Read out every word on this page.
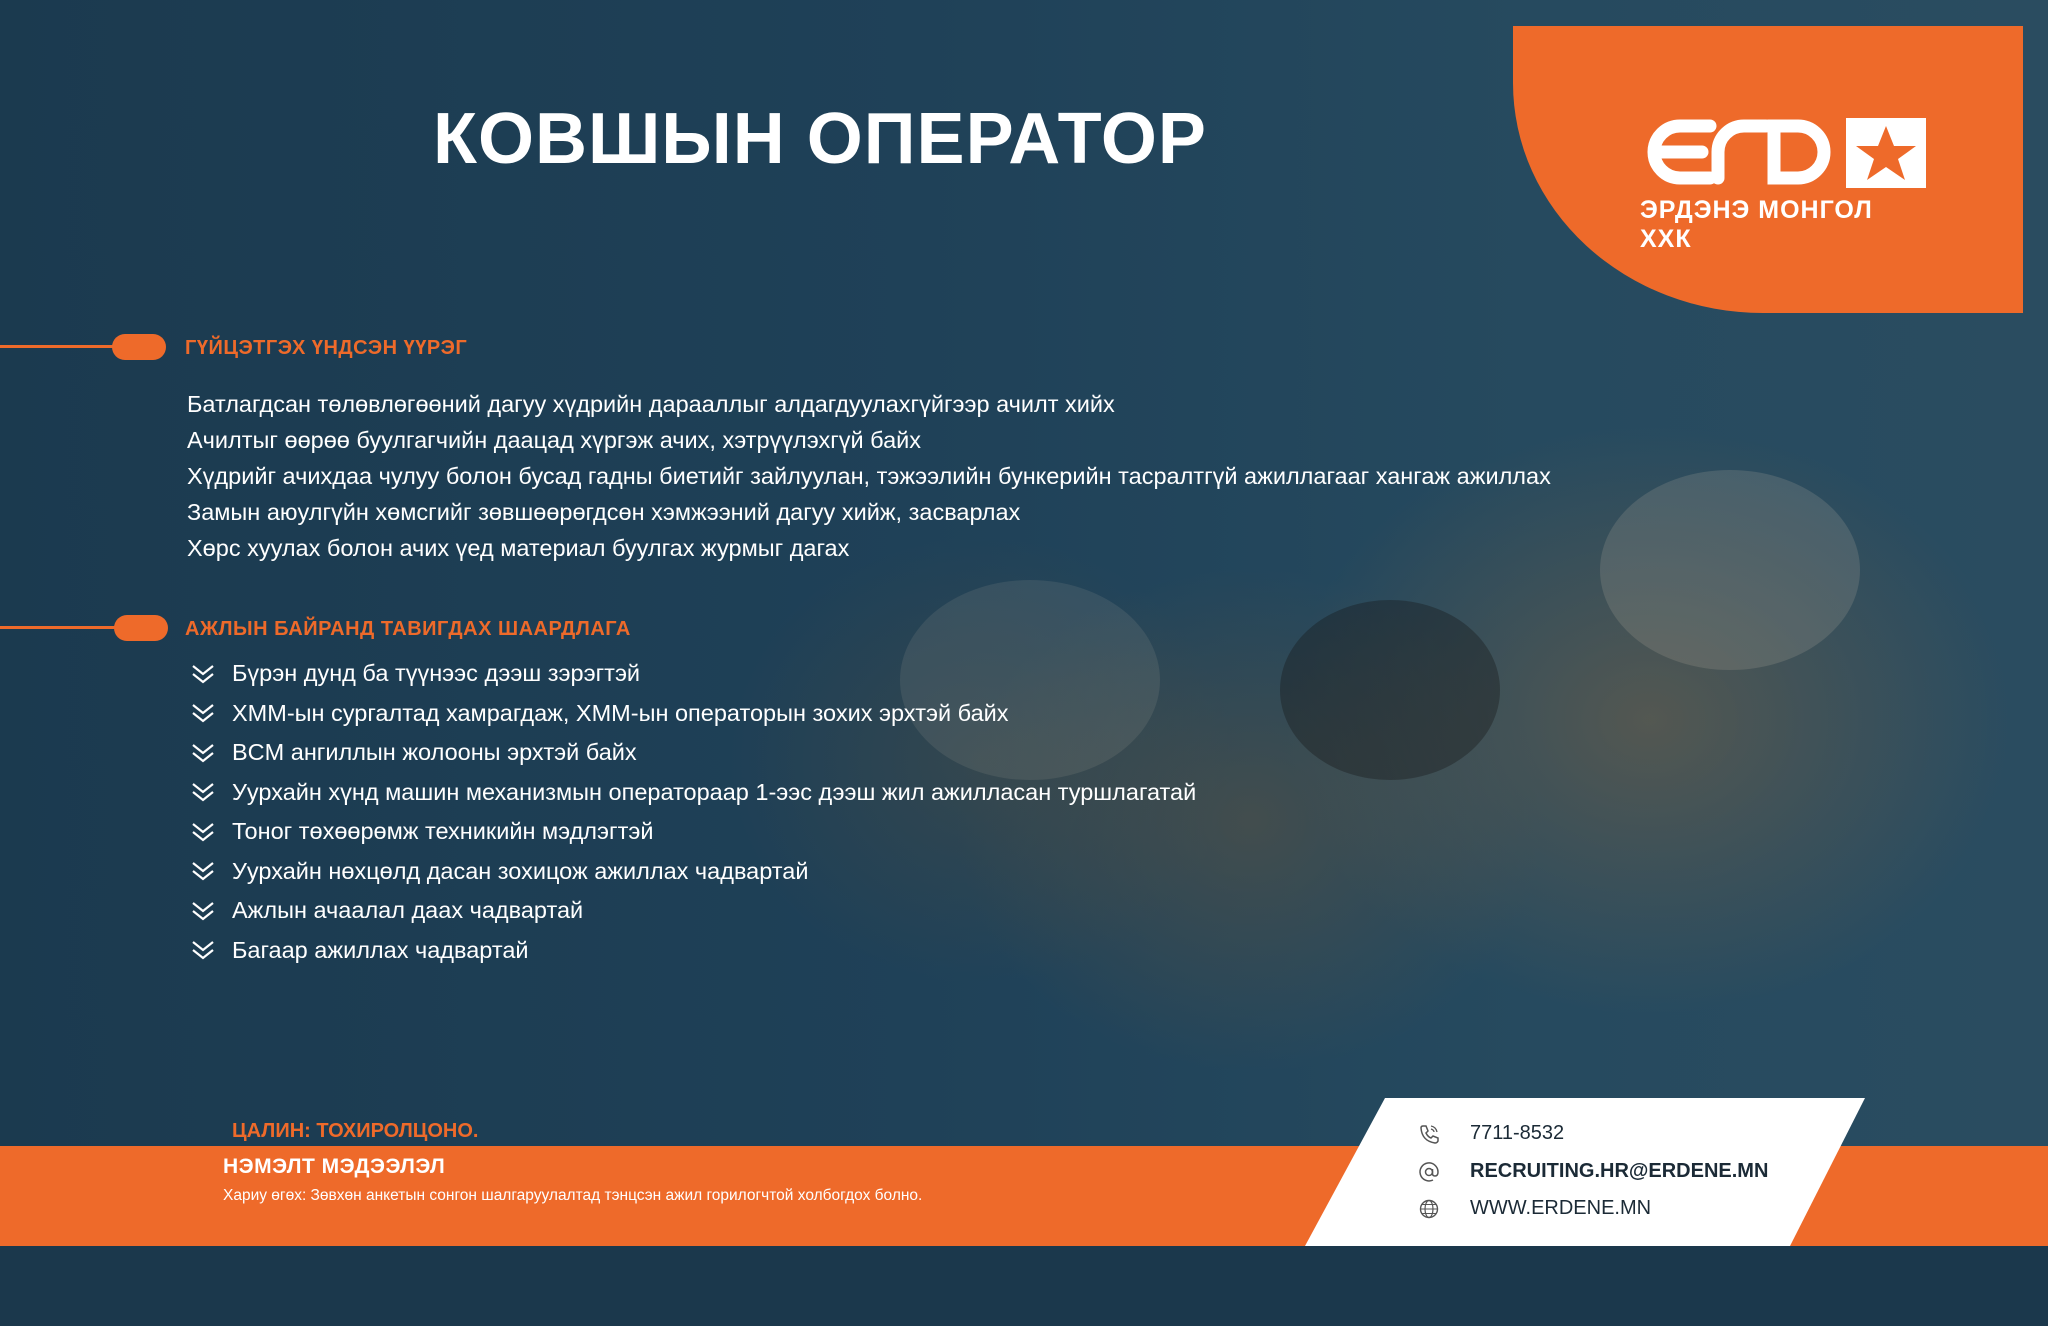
ЭРДЭНЭ МОНГОЛ ХХК
КОВШЫН ОПЕРАТОР
ГҮЙЦЭТГЭХ ҮНДСЭН ҮҮРЭГ
Батлагдсан төлөвлөгөөний дагуу хүдрийн дарааллыг алдагдуулахгүйгээр ачилт хийх
Ачилтыг өөрөө буулгагчийн даацад хүргэж ачих, хэтрүүлэхгүй байх
Хүдрийг ачихдаа чулуу болон бусад гадны биетийг зайлуулан, тэжээлийн бункерийн тасралтгүй ажиллагааг хангаж ажиллах
Замын аюулгүйн хөмсгийг зөвшөөрөгдсөн хэмжээний дагуу хийж, засварлах
Хөрс хуулах болон ачих үед материал буулгах журмыг дагах
АЖЛЫН БАЙРАНД ТАВИГДАХ ШААРДЛАГА
Бүрэн дунд ба түүнээс дээш зэрэгтэй
ХММ-ын сургалтад хамрагдаж, ХММ-ын операторын зохих эрхтэй байх
BCM ангиллын жолооны эрхтэй байх
Уурхайн хүнд машин механизмын оператораар 1-ээс дээш жил ажилласан туршлагатай
Тоног төхөөрөмж техникийн мэдлэгтэй
Уурхайн нөхцөлд дасан зохицож ажиллах чадвартай
Ажлын ачаалал даах чадвартай
Багаар ажиллах чадвартай
ЦАЛИН: ТОХИРОЛЦОНО.
НЭМЭЛТ МЭДЭЭЛЭЛ
Хариу өгөх: Зөвхөн анкетын сонгон шалгаруулалтад тэнцсэн ажил горилогчтой холбогдох болно.
7711-8532
RECRUITING.HR@ERDENE.MN
WWW.ERDENE.MN
